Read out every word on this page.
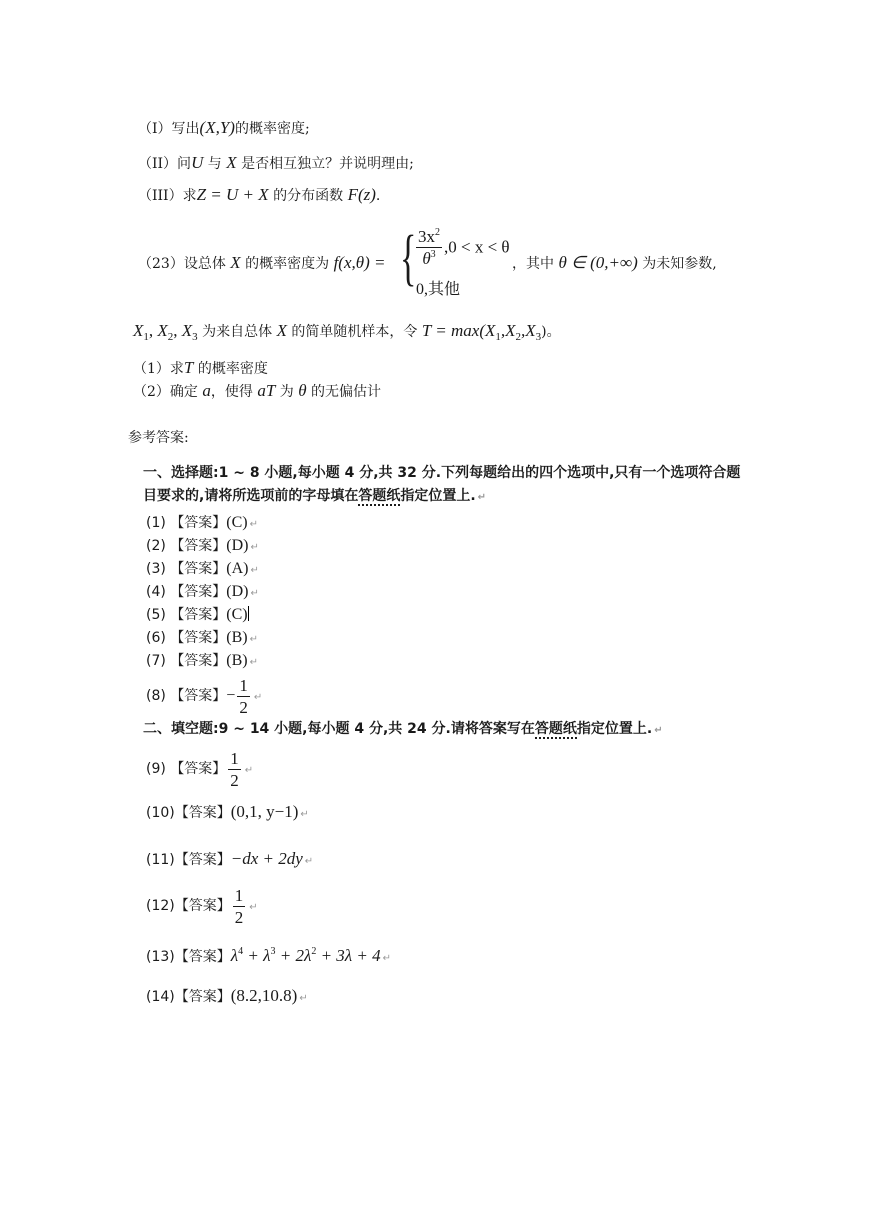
（I）写出(X,Y)的概率密度;
（II）问U 与 X 是否相互独立？并说明理由;
（III）求Z = U + X 的分布函数 F(z).
（23）设总体 X 的概率密度为 f(x,θ) = { $\frac{3x^2}{\theta^3} ,0 < x < \theta$
0,其他
，其中 θ ∈ (0,+∞) 为未知参数,
$X_1$, $X_2$, $X_3$ 为来自总体 X 的简单随机样本，令 $T = \max(X_1,X_2,X_3)$。
（1）求T 的概率密度
（2）确定 a，使得 aT 为 θ 的无偏估计
参考答案:
一、选择题:1 ~ 8 小题,每小题 4 分,共 32 分.下列每题给出的四个选项中,只有一个选项符合题
目要求的,请将所选项前的字母填在答题纸指定位置上. ↵
(1) 【答案】(C) ↵
(2) 【答案】(D) ↵
(3) 【答案】(A) ↵
(4) 【答案】(D) ↵
(5) 【答案】(C)
(6) 【答案】(B) ↵
(7) 【答案】(B) ↵
(8) 【答案】− $\frac{1}{2}$ ↵
二、填空题:9 ~ 14 小题,每小题 4 分,共 24 分.请将答案写在答题纸指定位置上. ↵
(9) 【答案】 $\frac{1}{2}$ ↵
(10)【答案】(0,1, y−1) ↵
(11)【答案】−dx + 2dy ↵
(12)【答案】 $\frac{1}{2}$ ↵
(13)【答案】$\lambda^4 + \lambda^3 + 2\lambda^2 + 3\lambda + 4$ ↵
(14)【答案】(8.2,10.8) ↵
